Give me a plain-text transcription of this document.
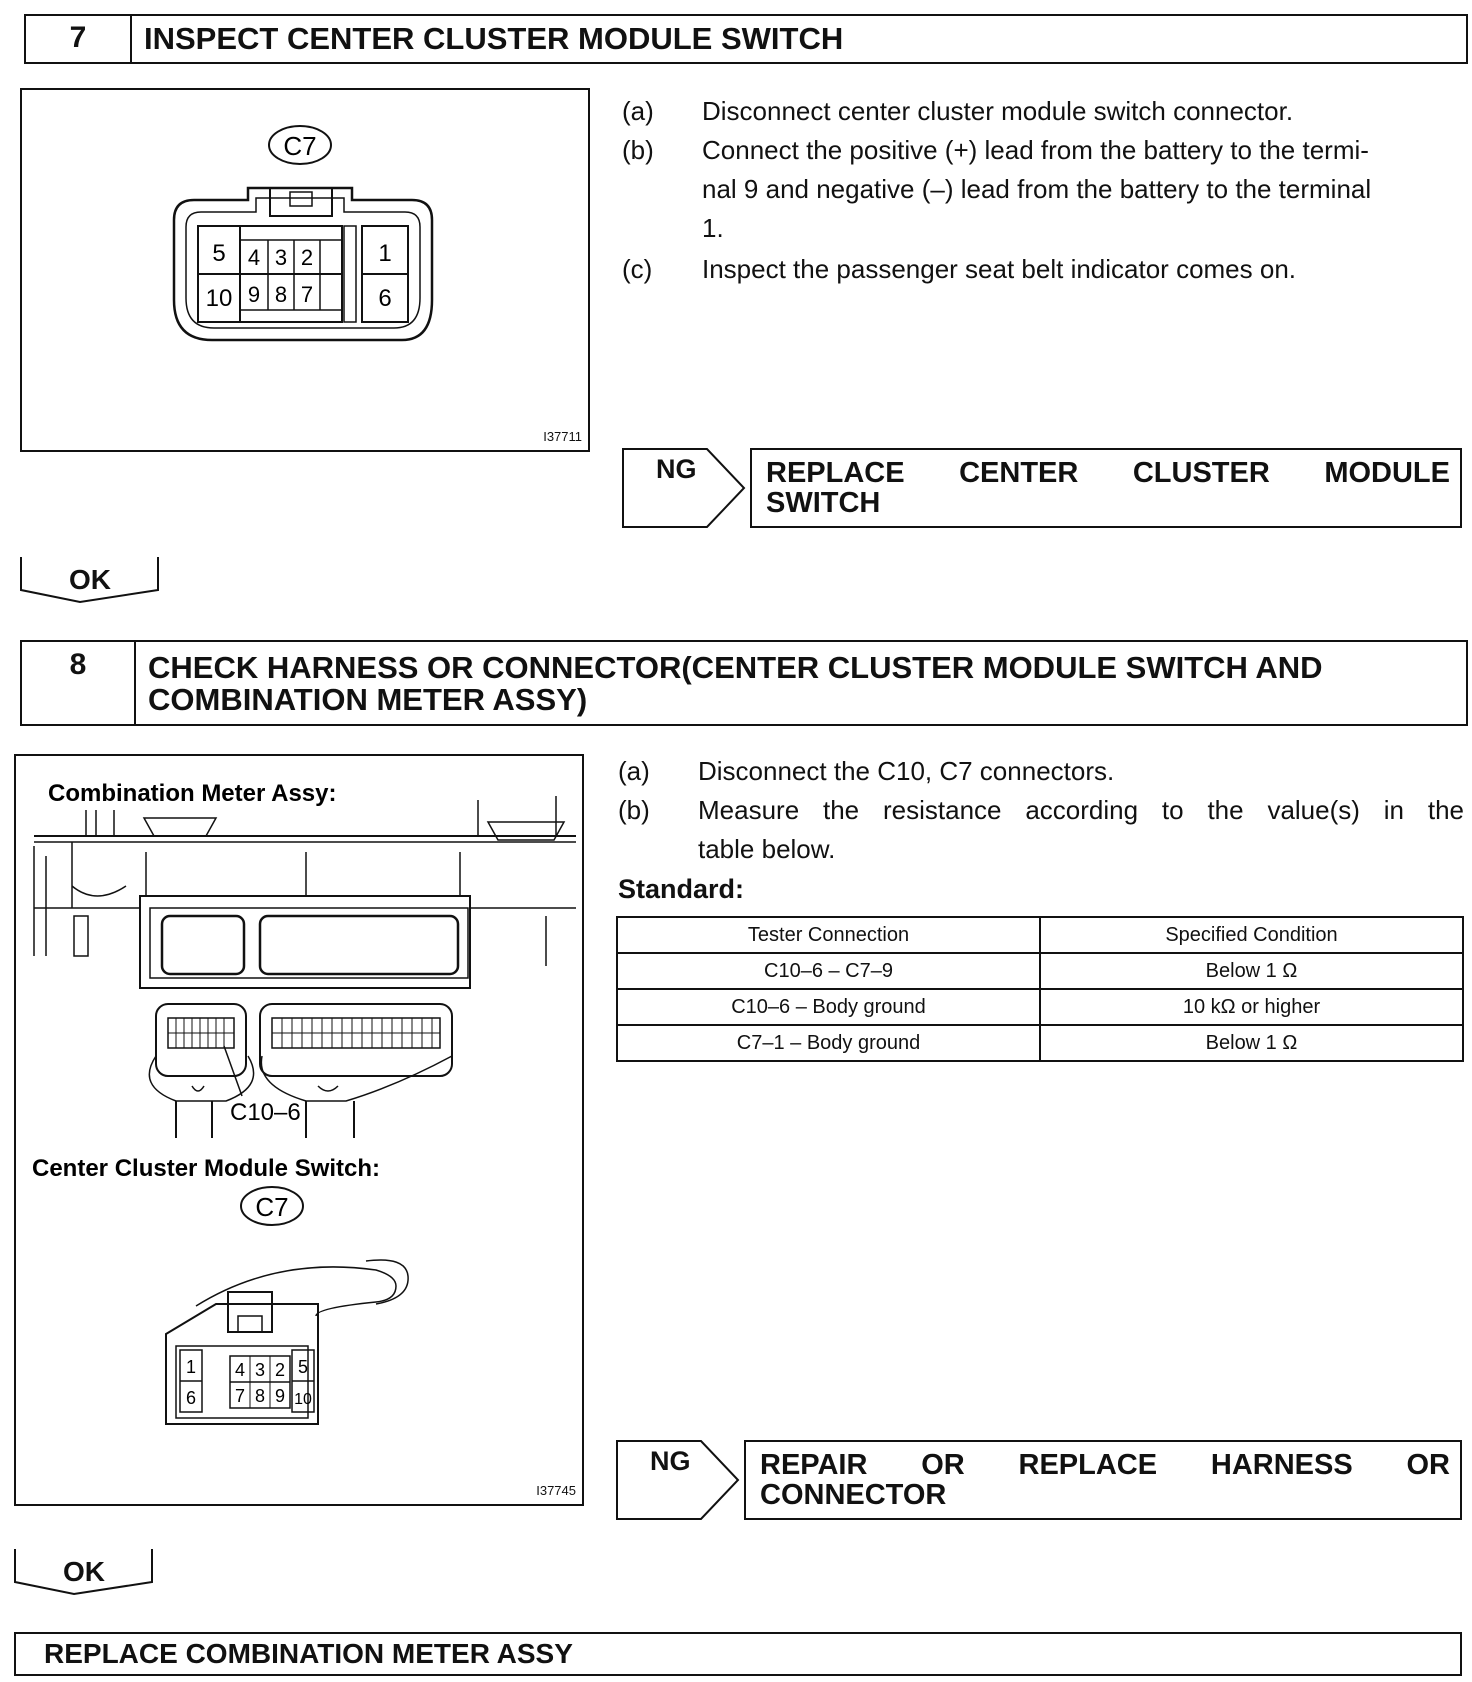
7	INSPECT CENTER CLUSTER MODULE SWITCH
C7
5 4 3 2	1
10 9 8 7	6
I37711
(a) Disconnect center cluster module switch connector.
(b) Connect the positive (+) lead from the battery to the termi-
nal 9 and negative (–) lead from the battery to the terminal
1.
(c) Inspect the passenger seat belt indicator comes on.
NG REPLACE CENTER CLUSTER MODULE
SWITCH
OK
8	CHECK HARNESS OR CONNECTOR(CENTER CLUSTER MODULE SWITCH AND
COMBINATION METER ASSY)
Combination Meter Assy:
C10–6
Center Cluster Module Switch:
C7
1 4 3 2 5
6 7 8 9 10
I37745
(a) Disconnect the C10, C7 connectors.
(b) Measure the resistance according to the value(s) in the
table below.
Standard:
Tester Connection	Specified Condition
C10–6 – C7–9	Below 1 Ω
C10–6 – Body ground	10 kΩ or higher
C7–1 – Body ground	Below 1 Ω
NG REPAIR OR REPLACE HARNESS OR
CONNECTOR
OK
REPLACE COMBINATION METER ASSY
